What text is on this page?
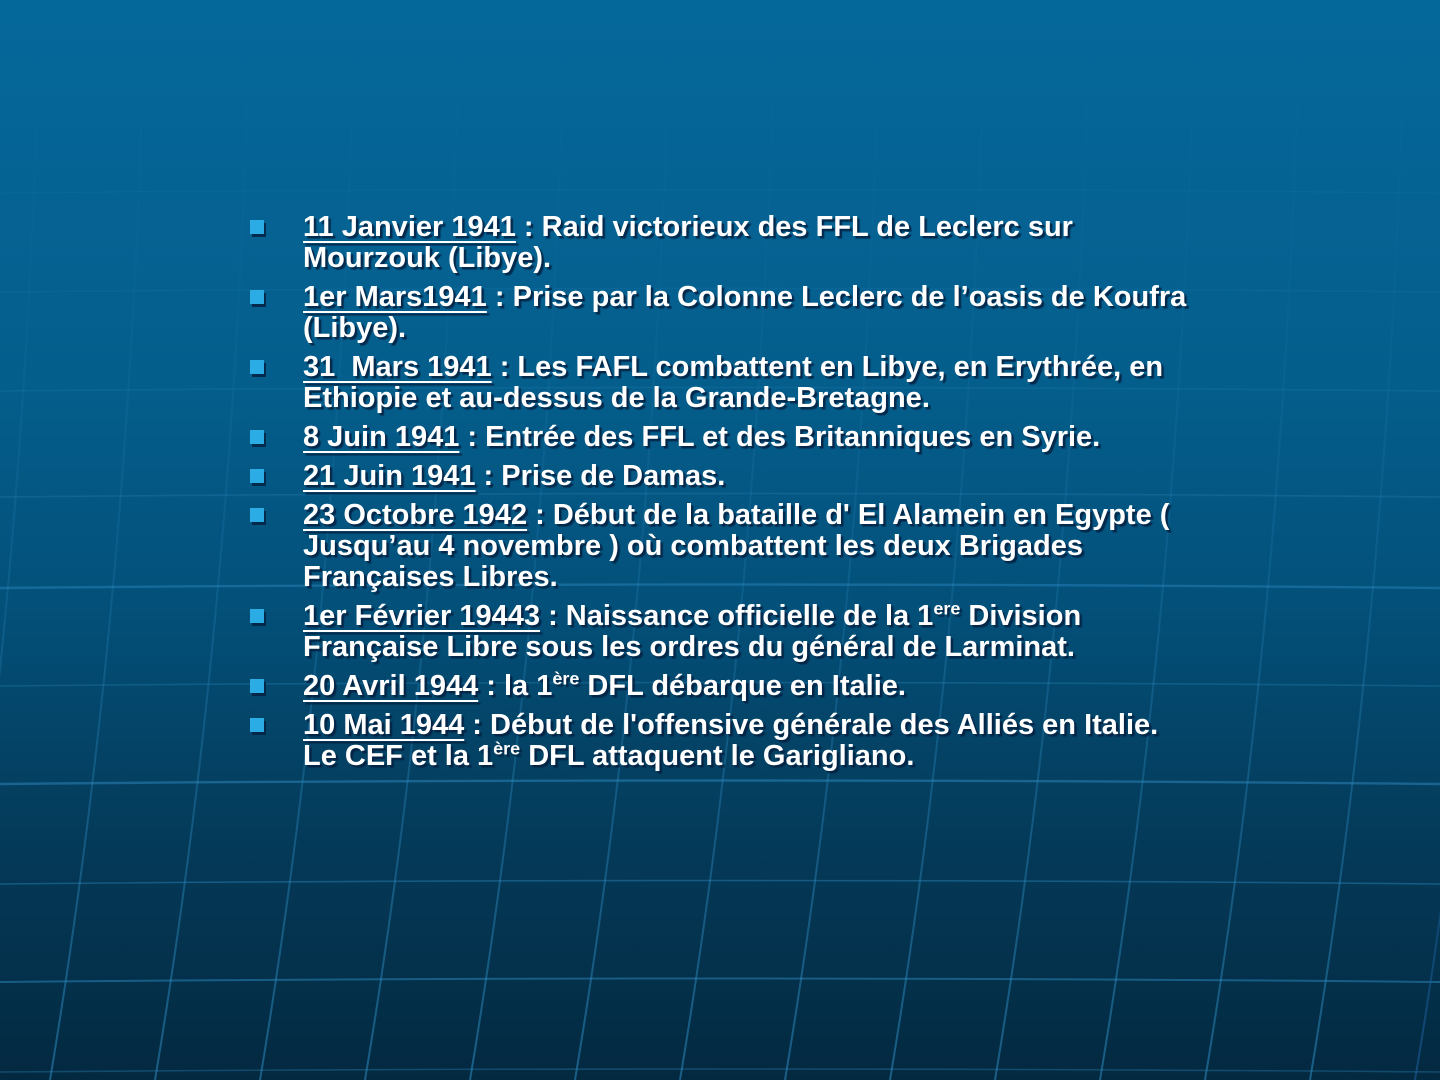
11 Janvier 1941 : Raid victorieux des FFL de Leclerc sur
Mourzouk (Libye).

1er Mars1941 : Prise par la Colonne Leclerc de l’oasis de Koufra
(Libye).

31  Mars 1941 : Les FAFL combattent en Libye, en Erythrée, en
Ethiopie et au-dessus de la Grande-Bretagne.

8 Juin 1941 : Entrée des FFL et des Britanniques en Syrie.

21 Juin 1941 : Prise de Damas.

23 Octobre 1942 : Début de la bataille d' El Alamein en Egypte (
Jusqu’au 4 novembre ) où combattent les deux Brigades
Françaises Libres.

1er Février 19443 : Naissance officielle de la 1ere Division
Française Libre sous les ordres du général de Larminat.

20 Avril 1944 : la 1ère DFL débarque en Italie.

10 Mai 1944 : Début de l'offensive générale des Alliés en Italie.
Le CEF et la 1ère DFL attaquent le Garigliano.
